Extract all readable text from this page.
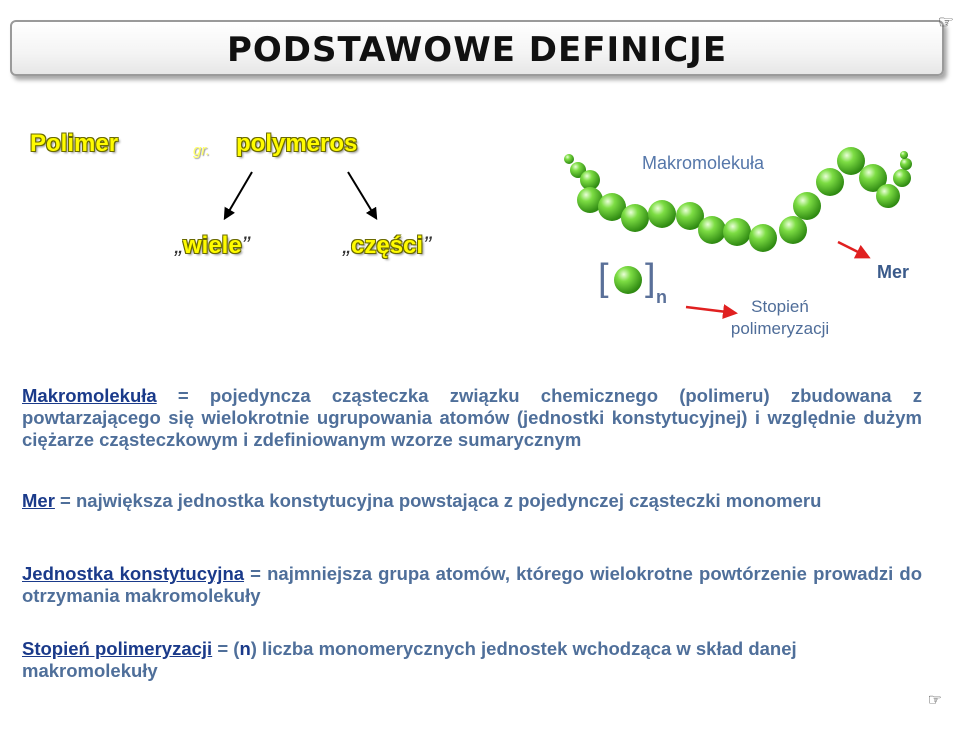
PODSTAWOWE DEFINICJE
☞
Polimer	gr. polymeros
„wiele”	„części”
Makromolekuła
Mer
[ ] n	Stopień
polimeryzacji
Makromolekuła = pojedyncza cząsteczka związku chemicznego (polimeru) zbudowana z powtarzającego się wielokrotnie ugrupowania atomów (jednostki konstytucyjnej) i względnie dużym ciężarze cząsteczkowym i zdefiniowanym wzorze sumarycznym
Mer = największa jednostka konstytucyjna powstająca z pojedynczej cząsteczki monomeru
Jednostka konstytucyjna = najmniejsza grupa atomów, którego wielokrotne powtórzenie prowadzi do otrzymania makromolekuły
Stopień polimeryzacji = (n) liczba monomerycznych jednostek wchodząca w skład danej makromolekuły
☞
